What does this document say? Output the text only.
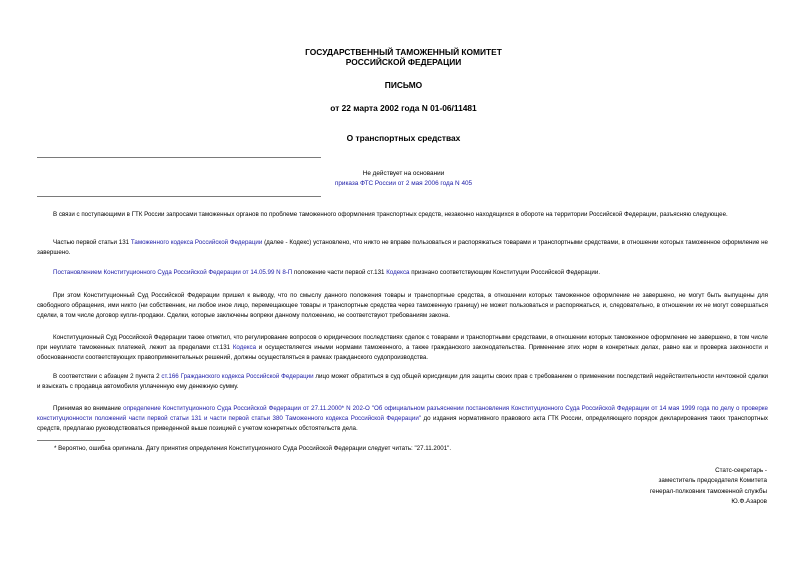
ГОСУДАРСТВЕННЫЙ ТАМОЖЕННЫЙ КОМИТЕТ
РОССИЙСКОЙ ФЕДЕРАЦИИ
ПИСЬМО
от 22 марта 2002 года N 01-06/11481
О транспортных средствах
Не действует на основании
приказа ФТС России от 2 мая 2006 года N 405

В связи с поступающими в ГТК России запросами таможенных органов по проблеме таможенного оформления транспортных средств, незаконно находящихся в обороте на территории Российской Федерации, разъясняю следующее.

Частью первой статьи 131 Таможенного кодекса Российской Федерации (далее - Кодекс) установлено, что никто не вправе пользоваться и распоряжаться товарами и транспортными средствами, в отношении которых таможенное оформление не завершено.

Постановлением Конституционного Суда Российской Федерации от 14.05.99 N 8-П положение части первой ст.131 Кодекса признано соответствующим Конституции Российской Федерации.

При этом Конституционный Суд Российской Федерации пришел к выводу, что по смыслу данного положения товары и транспортные средства, в отношении которых таможенное оформление не завершено, не могут быть выпущены для свободного обращения, ими никто (ни собственник, ни любое иное лицо, перемещающее товары и транспортные средства через таможенную границу) не может пользоваться и распоряжаться, и, следовательно, в отношении их не могут совершаться сделки, в том числе договор купли-продажи. Сделки, которые заключены вопреки данному положению, не соответствуют требованиям закона.

Конституционный Суд Российской Федерации также отметил, что регулирование вопросов о юридических последствиях сделок с товарами и транспортными средствами, в отношении которых таможенное оформление не завершено, в том числе при неуплате таможенных платежей, лежит за пределами ст.131 Кодекса и осуществляется иными нормами таможенного, а также гражданского законодательства. Применение этих норм в конкретных делах, равно как и проверка законности и обоснованности соответствующих правоприменительных решений, должны осуществляться в рамках гражданского судопроизводства.

В соответствии с абзацем 2 пункта 2 ст.166 Гражданского кодекса Российской Федерации лицо может обратиться в суд общей юрисдикции для защиты своих прав с требованием о применении последствий недействительности ничтожной сделки и взыскать с продавца автомобиля уплаченную ему денежную сумму.

Принимая во внимание определение Конституционного Суда Российской Федерации от 27.11.2000* N 202-О "Об официальном разъяснении постановления Конституционного Суда Российской Федерации от 14 мая 1999 года по делу о проверке конституционности положений части первой статьи 131 и части первой статьи 380 Таможенного кодекса Российской Федерации" до издания нормативного правового акта ГТК России, определяющего порядок декларирования таких транспортных средств, предлагаю руководствоваться приведенной выше позицией с учетом конкретных обстоятельств дела.

* Вероятно, ошибка оригинала. Дату принятия определения Конституционного Суда Российской Федерации следует читать: "27.11.2001".
Статс-секретарь -
заместитель председателя Комитета
генерал-полковник таможенной службы
Ю.Ф.Азаров
